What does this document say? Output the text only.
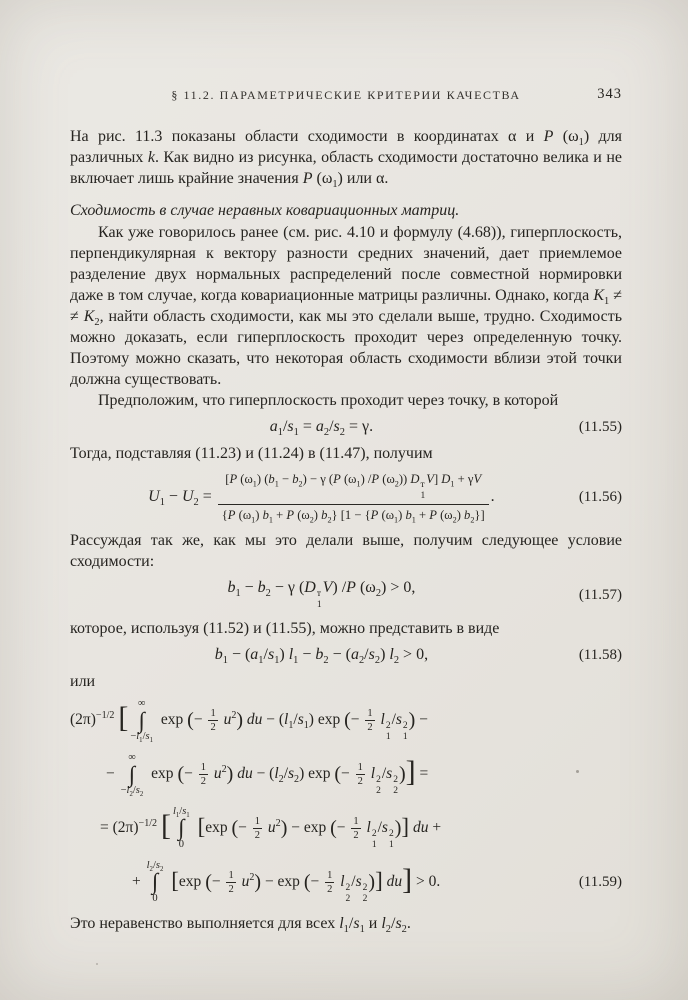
§ 11.2. ПАРАМЕТРИЧЕСКИЕ КРИТЕРИИ КАЧЕСТВА	343

На рис. 11.3 показаны области сходимости в координатах α и P $(\omega_1)$ для различных k. Как видно из рисунка, область сходимости достаточно велика и не включает лишь крайние значения P $(\omega_1)$ или α.

Сходимость в случае неравных ковариационных матриц.

Как уже говорилось ранее (см. рис. 4.10 и формулу (4.68)), гиперплоскость, перпендикулярная к вектору разности средних значений, дает приемлемое разделение двух нормальных распределений после совместной нормировки даже в том случае, когда ковариационные матрицы различны. Однако, когда $K_1$ ≠ ≠ $K_2$, найти область сходимости, как мы это сделали выше, трудно. Сходимость можно доказать, если гиперплоскость проходит через определенную точку. Поэтому можно сказать, что некоторая область сходимости вблизи этой точки должна существовать.

Предположим, что гиперплоскость проходит через точку, в которой

$a_1/s_1 = a_2/s_2 = \gamma$.	(11.55)

Тогда, подставляя (11.23) и (11.24) в (11.47), получим

$U_1 - U_2 = [P$ $(\omega_1) (b_1 - b_2) - \gamma$ (P $(\omega_1)$ /P $(\omega_2)$) D т
1
V] $D_1 + \gamma V$
{P $(\omega_1) b_1 + P$ $(\omega_2)$ $b_2$} [1 − {P $(\omega_1) b_1 + P$ $(\omega_2)$ $b_2$}] .	(11.56)

Рассуждая так же, как мы это делали выше, получим следующее условие сходимости:

$b_1 - b_2 - \gamma$ (D т
1
V) /P $(\omega_2) > 0$,	(11.57)

которое, используя (11.52) и (11.55), можно представить в виде

$b_1 - (a_1/s_1) l_1 - b_2 - (a_2/s_2) l_2 > 0$,	(11.58)

или

$(2\pi)^{-1/2}$ [ ∞
∫
$-l_1/s_1$
exp (− $\frac{1}{2} u^2$) du − $(l_1/s_1)$ exp (− $\frac{1}{2}$ l 2
1
/s 2
1
) −
−
∞
∫
$-l_2/s_2$
exp (− $\frac{1}{2} u^2$) du − $(l_2/s_2)$ exp (− $\frac{1}{2}$ l 2
2
/s 2
2
)] =
= $(2\pi)^{-1/2}$ [ $l_1/s_1$
∫
0
[exp (− $\frac{1}{2} u^2) - \exp$ (− $\frac{1}{2}$ l 2
1
/s 2
1
)] du +
+
$l_2/s_2$
∫
0
[exp (− $\frac{1}{2} u^2) - \exp$ (− $\frac{1}{2}$ l 2
2
/s 2
2
)] du] > 0.	(11.59)

Это неравенство выполняется для всех $l_1/s_1$ и $l_2/s_2$.
